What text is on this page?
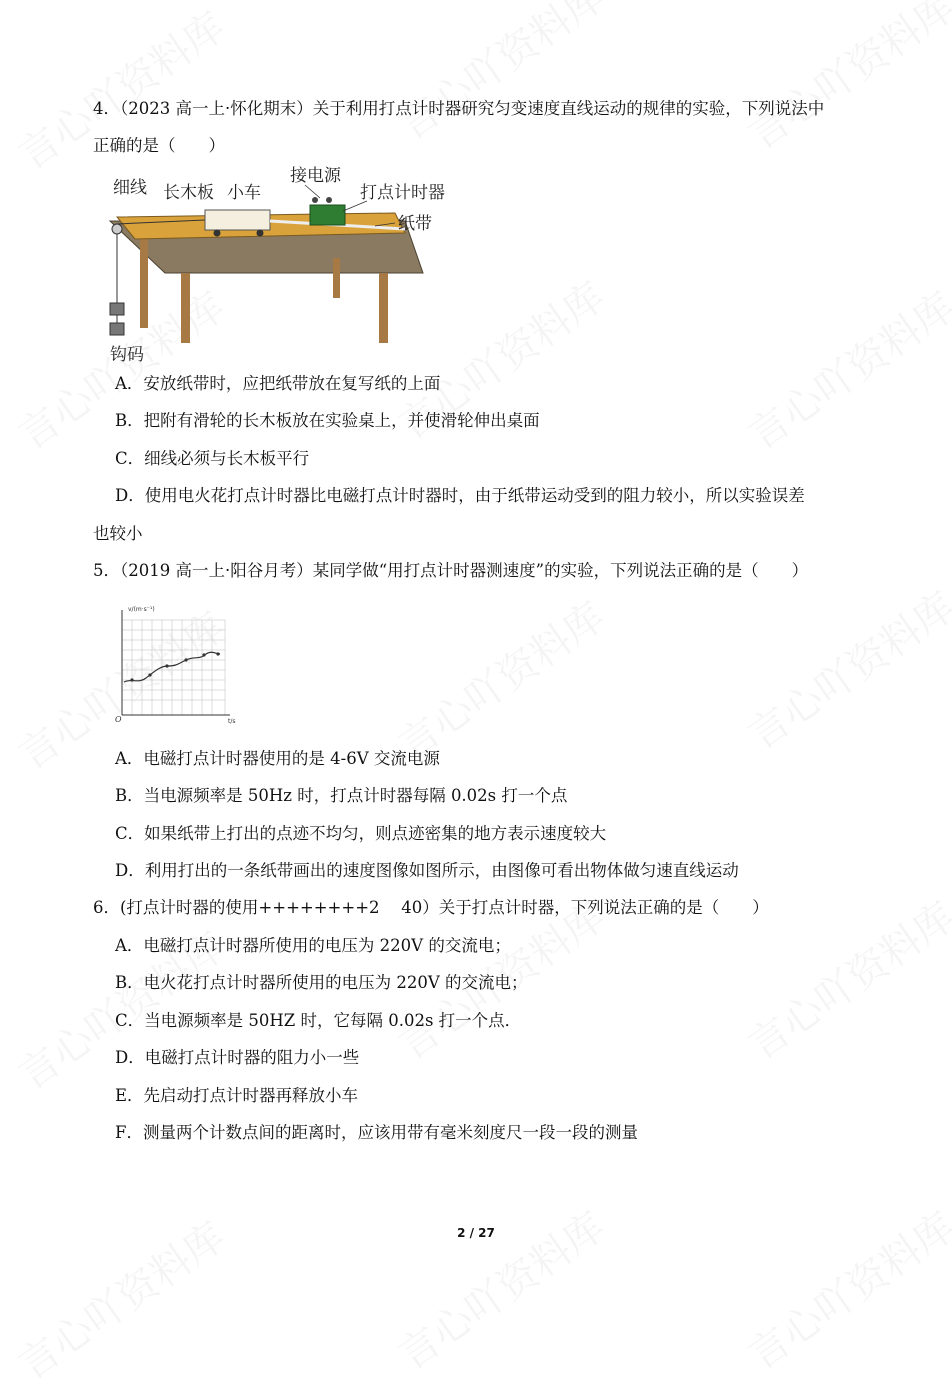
4．（2023 高一上·怀化期末）关于利用打点计时器研究匀变速度直线运动的规律的实验，下列说法中
正确的是（　　）
细线 长木板 小车
接电源
打点计时器
纸带
钩码
A．安放纸带时，应把纸带放在复写纸的上面
B．把附有滑轮的长木板放在实验桌上，并使滑轮伸出桌面
C．细线必须与长木板平行
D．使用电火花打点计时器比电磁打点计时器时，由于纸带运动受到的阻力较小，所以实验误差
也较小
5．（2019 高一上·阳谷月考）某同学做“用打点计时器测速度”的实验，下列说法正确的是（　　）
v/(m·s⁻¹)
t/s
O
A．电磁打点计时器使用的是 4-6V 交流电源
B．当电源频率是 50Hz 时，打点计时器每隔 0.02s 打一个点
C．如果纸带上打出的点迹不均匀，则点迹密集的地方表示速度较大
D．利用打出的一条纸带画出的速度图像如图所示，由图像可看出物体做匀速直线运动
6．(打点计时器的使用++++++++2　 40）关于打点计时器，下列说法正确的是（　　）
A．电磁打点计时器所使用的电压为 220V 的交流电；
B．电火花打点计时器所使用的电压为 220V 的交流电；
C．当电源频率是 50HZ 时，它每隔 0.02s 打一个点．
D．电磁打点计时器的阻力小一些
E．先启动打点计时器再释放小车
F．测量两个计数点间的距离时，应该用带有毫米刻度尺一段一段的测量
2 / 27
